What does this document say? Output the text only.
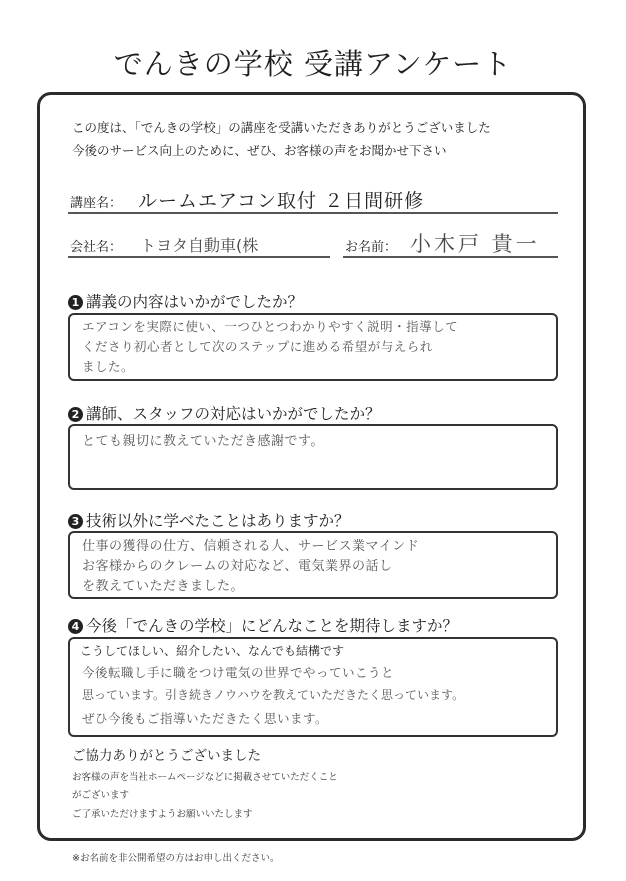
でんきの学校 受講アンケート
この度は、「でんきの学校」の講座を受講いただきありがとうございました
今後のサービス向上のために、ぜひ、お客様の声をお聞かせ下さい
講座名： ルームエアコン取付 ２日間研修
会社名： トヨタ自動車(株	お名前： 小木戸 貴一
1 講義の内容はいかがでしたか？
エアコンを実際に使い、一つひとつわかりやすく説明・指導して
くださり初心者として次のステップに進める希望が与えられ
ました。
2 講師、スタッフの対応はいかがでしたか？
とても親切に教えていただき感謝です。
3 技術以外に学べたことはありますか？
仕事の獲得の仕方、信頼される人、サービス業マインド
お客様からのクレームの対応など、電気業界の話し
を教えていただきました。
4 今後「でんきの学校」にどんなことを期待しますか？
こうしてほしい、紹介したい、なんでも結構です
今後転職し手に職をつけ電気の世界でやっていこうと
思っています。引き続きノウハウを教えていただきたく思っています。
ぜひ今後もご指導いただきたく思います。
ご協力ありがとうございました
お客様の声を当社ホームページなどに掲載させていただくこと
がございます
ご了承いただけますようお願いいたします
※お名前を非公開希望の方はお申し出ください。
